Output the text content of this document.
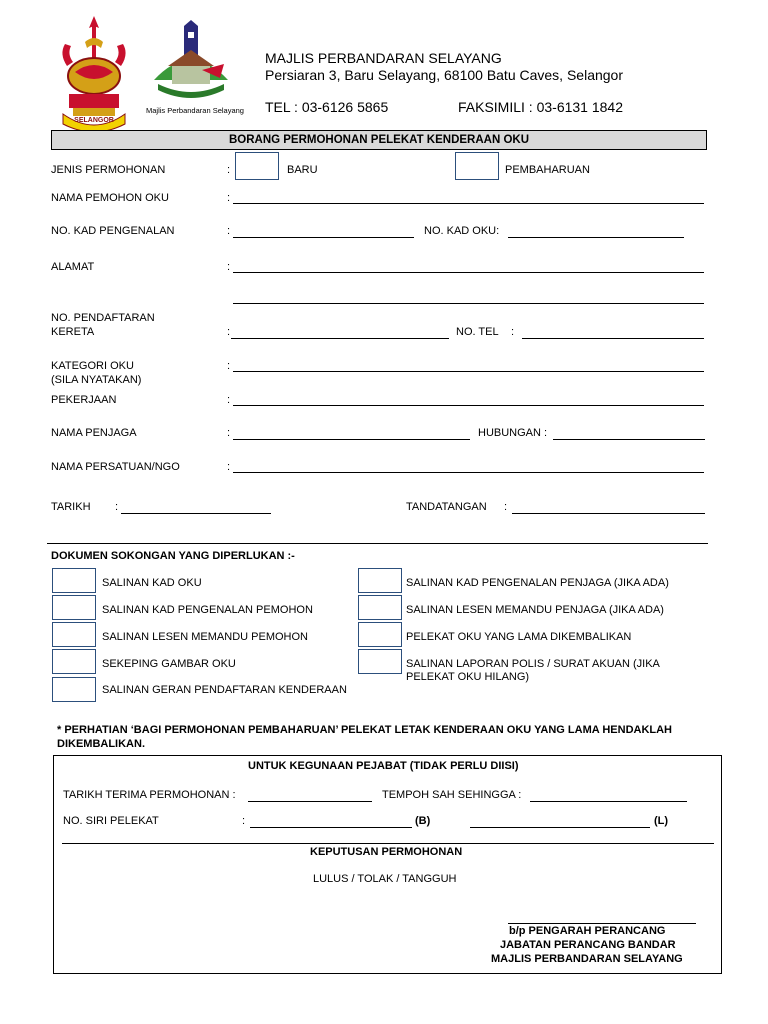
SELANGOR
Majlis Perbandaran Selayang
MAJLIS PERBANDARAN SELAYANG
Persiaran 3, Baru Selayang, 68100 Batu Caves, Selangor
TEL : 03-6126 5865	FAKSIMILI : 03-6131 1842
BORANG PERMOHONAN PELEKAT KENDERAAN OKU
JENIS PERMOHONAN	:	BARU	PEMBAHARUAN
NAMA PEMOHON OKU	:
NO. KAD PENGENALAN	:	NO. KAD OKU:
ALAMAT	:
NO. PENDAFTARAN
KERETA	:	NO. TEL :
KATEGORI OKU
(SILA NYATAKAN)
:
PEKERJAAN	:
NAMA PENJAGA	:	HUBUNGAN :
NAMA PERSATUAN/NGO	:
TARIKH :	TANDATANGAN :
DOKUMEN SOKONGAN YANG DIPERLUKAN :-
SALINAN KAD OKU
SALINAN KAD PENGENALAN PEMOHON
SALINAN LESEN MEMANDU PEMOHON
SEKEPING GAMBAR OKU
SALINAN GERAN PENDAFTARAN KENDERAAN
SALINAN KAD PENGENALAN PENJAGA (JIKA ADA)
SALINAN LESEN MEMANDU PENJAGA (JIKA ADA)
PELEKAT OKU YANG LAMA DIKEMBALIKAN
SALINAN LAPORAN POLIS / SURAT AKUAN (JIKA
PELEKAT OKU HILANG)
* PERHATIAN ‘BAGI PERMOHONAN PEMBAHARUAN’ PELEKAT LETAK KENDERAAN OKU YANG LAMA HENDAKLAH
DIKEMBALIKAN.
UNTUK KEGUNAAN PEJABAT (TIDAK PERLU DIISI)
TARIKH TERIMA PERMOHONAN :	TEMPOH SAH SEHINGGA :
NO. SIRI PELEKAT	:	(B)	(L)
KEPUTUSAN PERMOHONAN
LULUS / TOLAK / TANGGUH
b/p PENGARAH PERANCANG
JABATAN PERANCANG BANDAR
MAJLIS PERBANDARAN SELAYANG
